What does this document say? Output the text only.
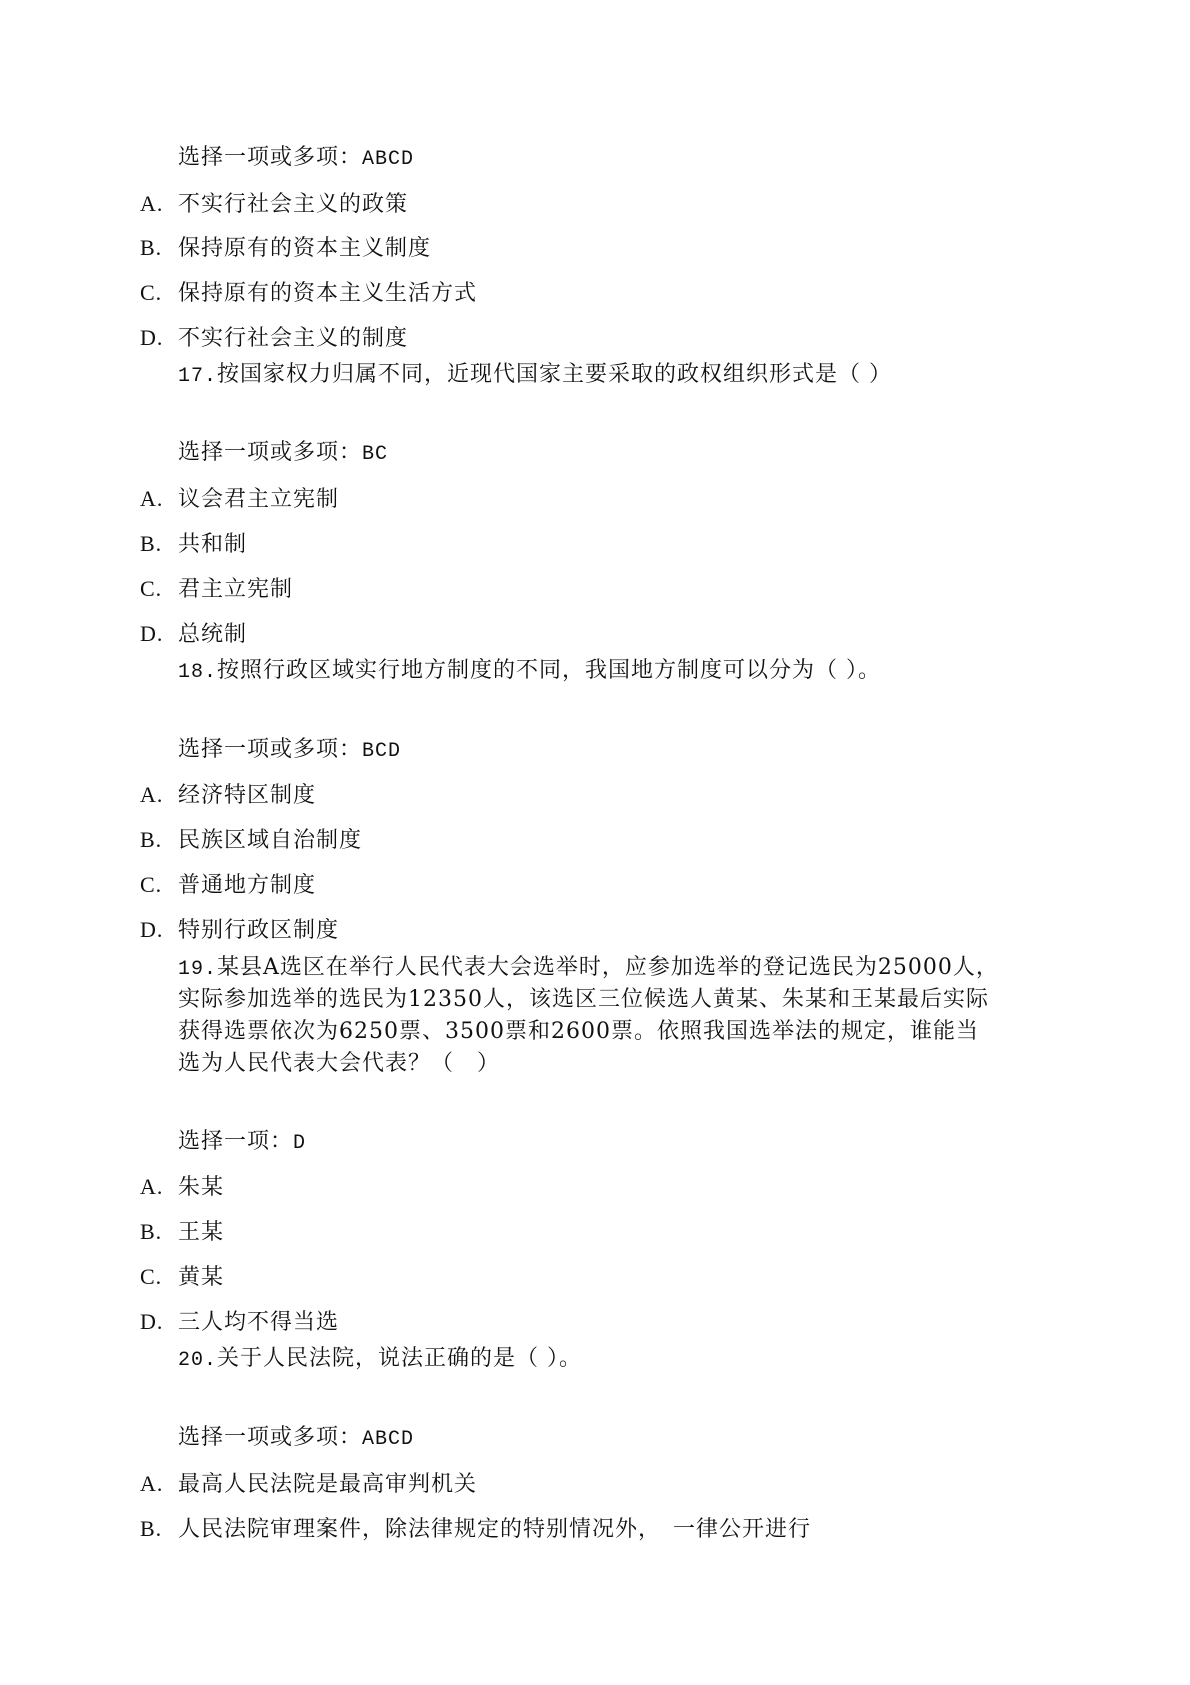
选择一项或多项：ABCD
A. 不实行社会主义的政策
B. 保持原有的资本主义制度
C. 保持原有的资本主义生活方式
D. 不实行社会主义的制度
17.按国家权力归属不同，近现代国家主要采取的政权组织形式是（ ）
选择一项或多项：BC
A. 议会君主立宪制
B. 共和制
C. 君主立宪制
D. 总统制
18.按照行政区域实行地方制度的不同，我国地方制度可以分为（ ）。
选择一项或多项：BCD
A. 经济特区制度
B. 民族区域自治制度
C. 普通地方制度
D. 特别行政区制度
19.某县A选区在举行人民代表大会选举时，应参加选举的登记选民为25000人，
实际参加选举的选民为12350人，该选区三位候选人黄某、朱某和王某最后实际
获得选票依次为6250票、3500票和2600票。依照我国选举法的规定，谁能当
选为人民代表大会代表？（　）
选择一项：D
A. 朱某
B. 王某
C. 黄某
D. 三人均不得当选
20.关于人民法院，说法正确的是（ ）。
选择一项或多项：ABCD
A. 最高人民法院是最高审判机关
B. 人民法院审理案件，除法律规定的特别情况外，　一律公开进行
